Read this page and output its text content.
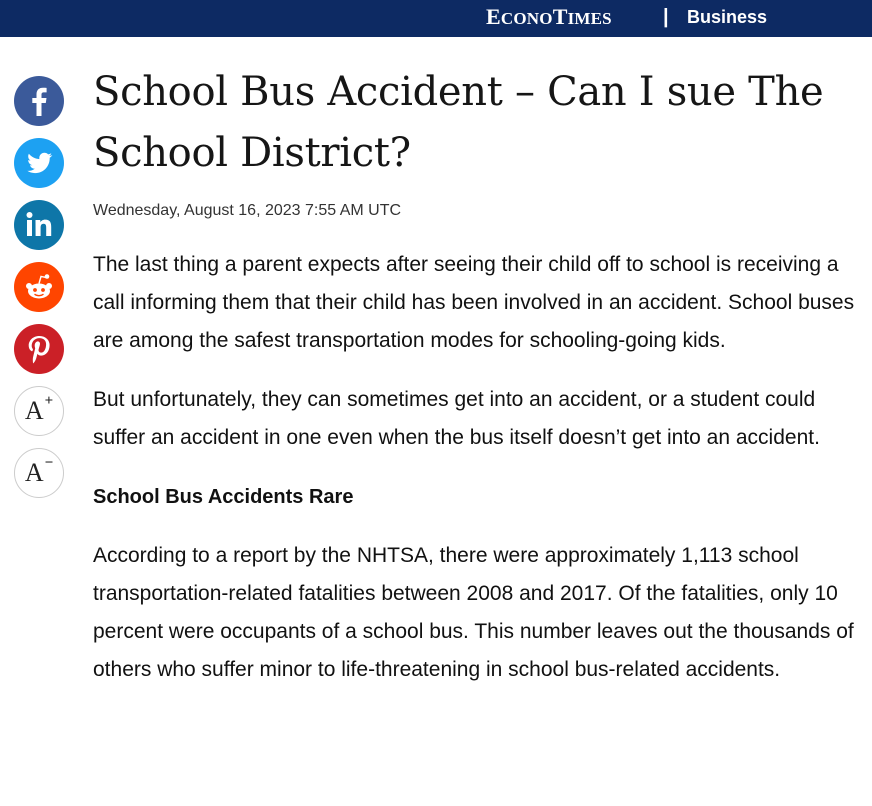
ECONOTIMES	| Business
A+
A−
School Bus Accident – Can I sue The School District?
Wednesday, August 16, 2023 7:55 AM UTC

The last thing a parent expects after seeing their child off to school is receiving a call informing them that their child has been involved in an accident. School buses are among the safest transportation modes for schooling-going kids.

But unfortunately, they can sometimes get into an accident, or a student could suffer an accident in one even when the bus itself doesn’t get into an accident.

School Bus Accidents Rare

According to a report by the NHTSA, there were approximately 1,113 school transportation-related fatalities between 2008 and 2017. Of the fatalities, only 10 percent were occupants of a school bus. This number leaves out the thousands of others who suffer minor to life-threatening in school bus-related accidents.
